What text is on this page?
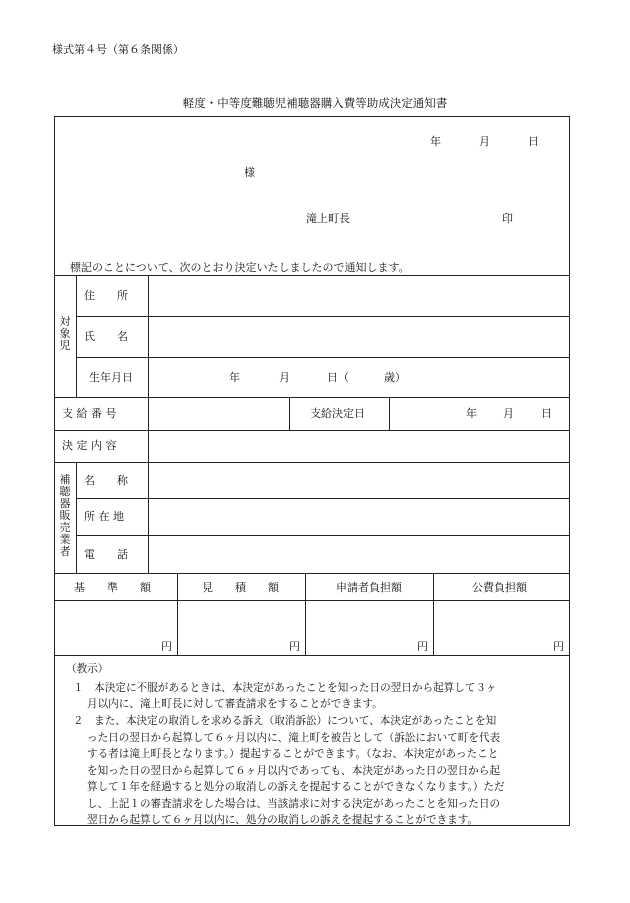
様式第４号（第６条関係）
軽度・中等度難聴児補聴器購入費等助成決定通知書
年	月	日
様
滝上町長	印
標記のことについて、次のとおり決定いたしましたので通知します。
対
象
児
住　　所
氏　　名
生年月日	年	月	日（	歳）
支 給 番 号	支給決定日	年 月 日
決 定 内 容
補
聴
器
販
売
業
者
名　　称
所 在 地
電　　話
基　　準　　額	見　　積　　額	申請者負担額	公費負担額
円	円	円	円
（教示）
１　本決定に不服があるときは、本決定があったことを知った日の翌日から起算して３ヶ
月以内に、滝上町長に対して審査請求をすることができます。
２　また、本決定の取消しを求める訴え（取消訴訟）について、本決定があったことを知
った日の翌日から起算して６ヶ月以内に、滝上町を被告として（訴訟において町を代表
する者は滝上町長となります。）提起することができます。（なお、本決定があったこと
を知った日の翌日から起算して６ヶ月以内であっても、本決定があった日の翌日から起
算して１年を経過すると処分の取消しの訴えを提起することができなくなります。）ただ
し、上記１の審査請求をした場合は、当該請求に対する決定があったことを知った日の
翌日から起算して６ヶ月以内に、処分の取消しの訴えを提起することができます。
